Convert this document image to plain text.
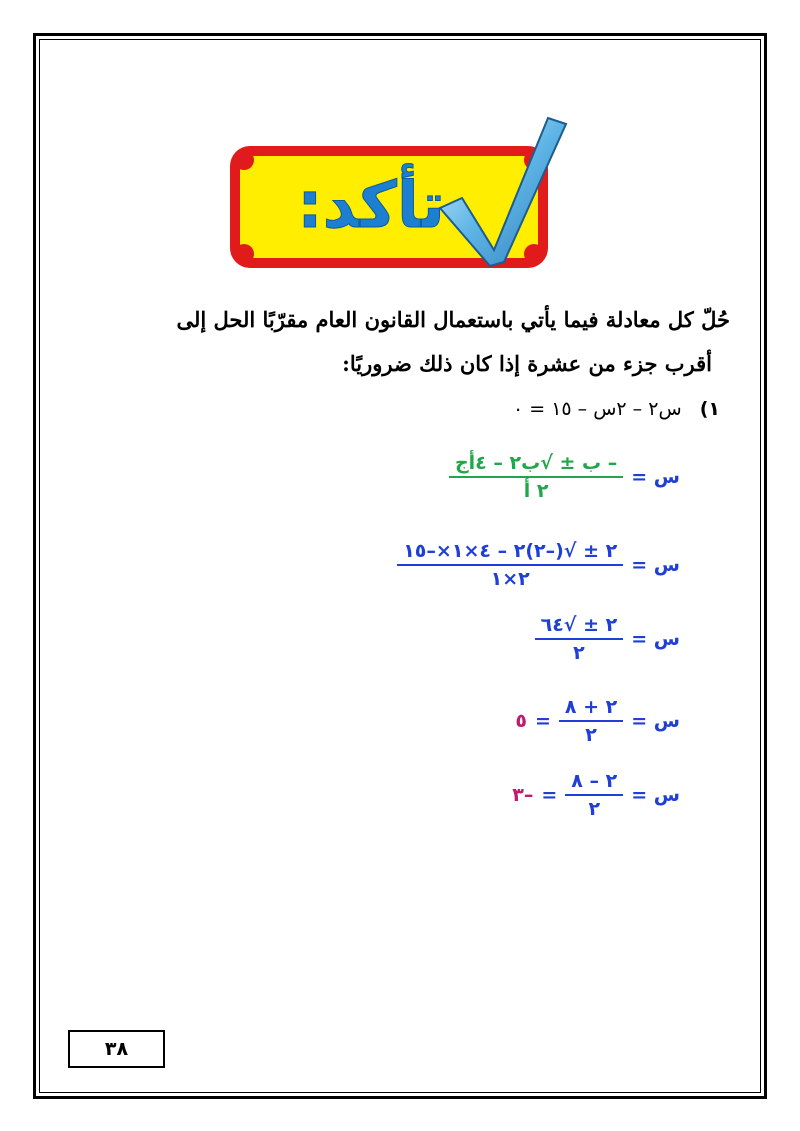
تأكد:
حُلّ كل معادلة فيما يأتي باستعمال القانون العام مقرّبًا الحل إلى
أقرب جزء من عشرة إذا كان ذلك ضروريًا:
١) س٢ – ٢س – ١٥ = ٠
س =
$\frac{\text{– ب ± √ب٢ – ٤أج}}{\text{٢ أ}}$
س =
$\frac{٢ \pm √(-٢)٢ - ٤\times ١\times-١٥}{٢\times ١}$
س =
$\frac{٢ \pm √٦٤}{٢}$
س =
$\frac{٢ + ٨}{٢}$
=
٥
س =
$\frac{٢ - ٨}{٢}$
=
–٣
٣٨
